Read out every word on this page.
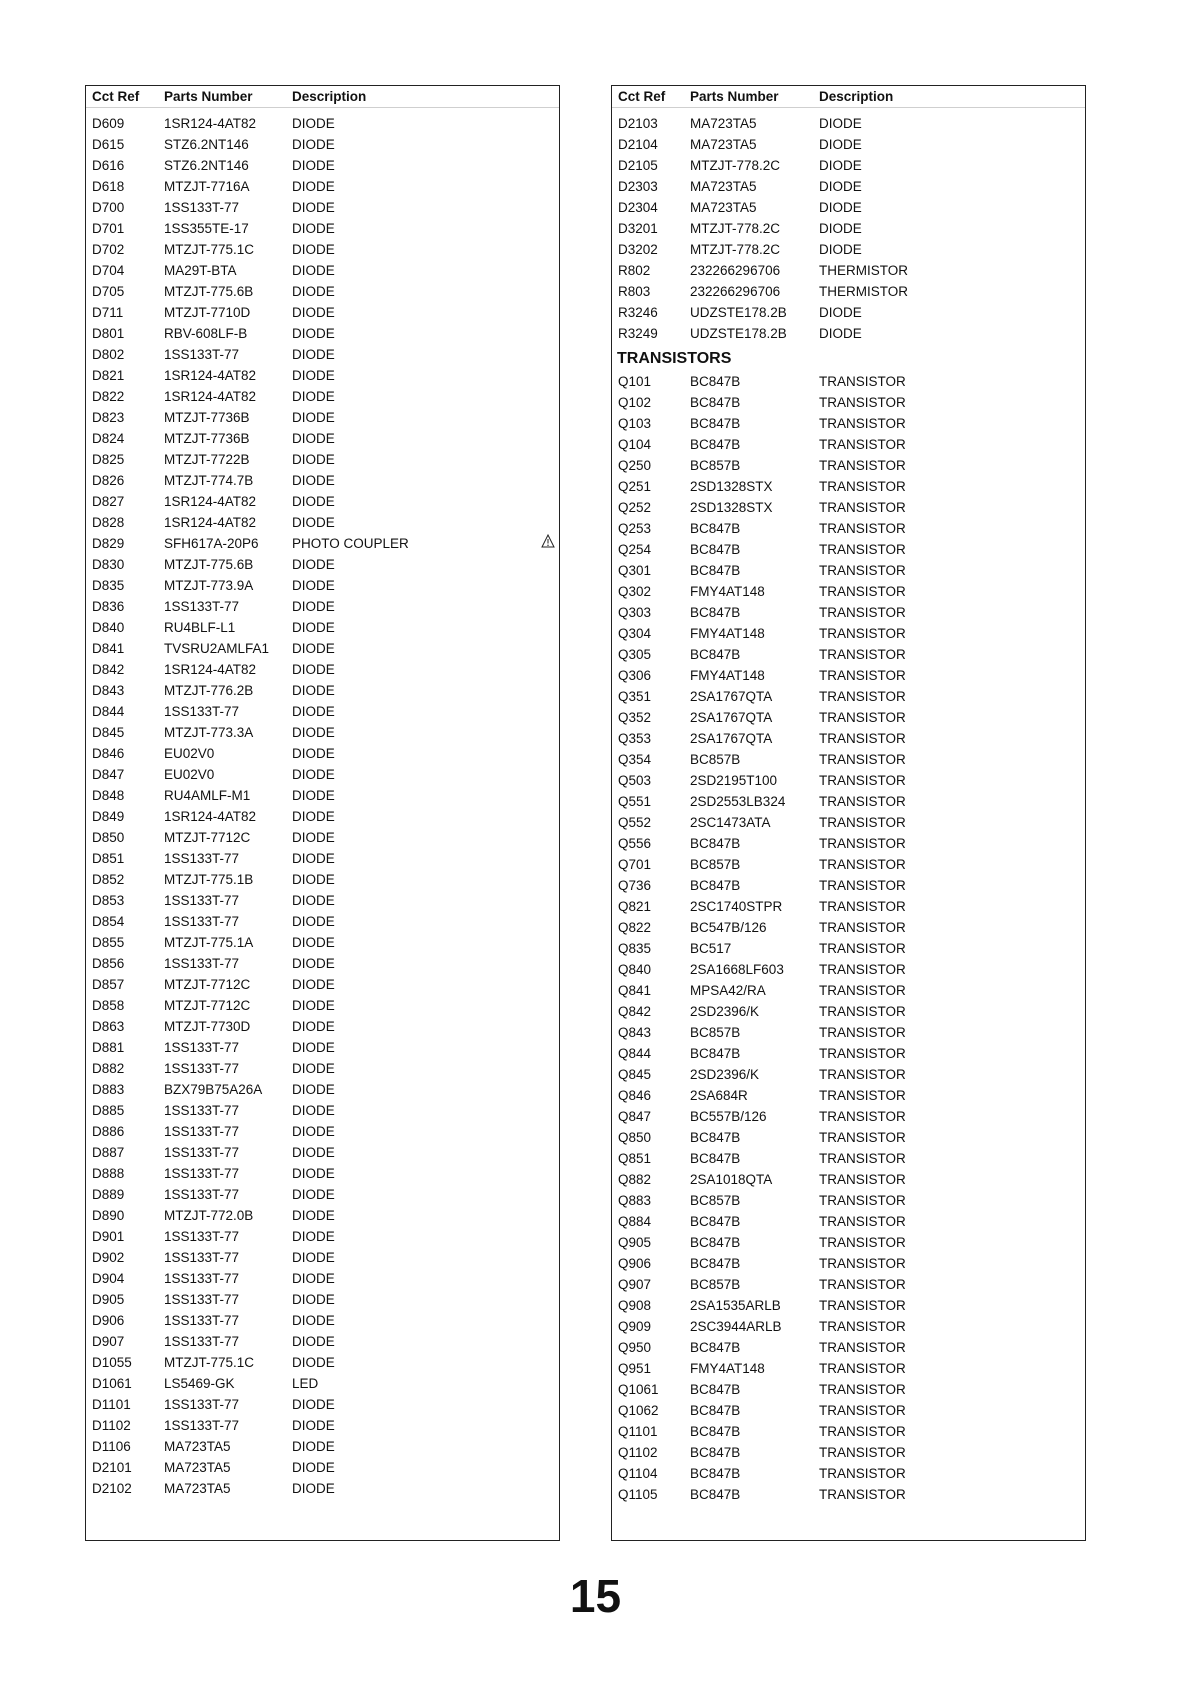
Cct Ref Parts Number	Description
D609	1SR124-4AT82	DIODE
D615	STZ6.2NT146	DIODE
D616	STZ6.2NT146	DIODE
D618	MTZJT-7716A	DIODE
D700	1SS133T-77	DIODE
D701	1SS355TE-17	DIODE
D702	MTZJT-775.1C	DIODE
D704	MA29T-BTA	DIODE
D705	MTZJT-775.6B	DIODE
D711	MTZJT-7710D	DIODE
D801	RBV-608LF-B	DIODE
D802	1SS133T-77	DIODE
D821	1SR124-4AT82	DIODE
D822	1SR124-4AT82	DIODE
D823	MTZJT-7736B	DIODE
D824	MTZJT-7736B	DIODE
D825	MTZJT-7722B	DIODE
D826	MTZJT-774.7B	DIODE
D827	1SR124-4AT82	DIODE
D828	1SR124-4AT82	DIODE
D829	SFH617A-20P6 PHOTO COUPLER
D830	MTZJT-775.6B	DIODE
D835	MTZJT-773.9A	DIODE
D836	1SS133T-77	DIODE
D840	RU4BLF-L1	DIODE
D841	TVSRU2AMLFA1 DIODE
D842	1SR124-4AT82	DIODE
D843	MTZJT-776.2B	DIODE
D844	1SS133T-77	DIODE
D845	MTZJT-773.3A	DIODE
D846	EU02V0	DIODE
D847	EU02V0	DIODE
D848	RU4AMLF-M1	DIODE
D849	1SR124-4AT82	DIODE
D850	MTZJT-7712C	DIODE
D851	1SS133T-77	DIODE
D852	MTZJT-775.1B	DIODE
D853	1SS133T-77	DIODE
D854	1SS133T-77	DIODE
D855	MTZJT-775.1A	DIODE
D856	1SS133T-77	DIODE
D857	MTZJT-7712C	DIODE
D858	MTZJT-7712C	DIODE
D863	MTZJT-7730D	DIODE
D881	1SS133T-77	DIODE
D882	1SS133T-77	DIODE
D883	BZX79B75A26A DIODE
D885	1SS133T-77	DIODE
D886	1SS133T-77	DIODE
D887	1SS133T-77	DIODE
D888	1SS133T-77	DIODE
D889	1SS133T-77	DIODE
D890	MTZJT-772.0B	DIODE
D901	1SS133T-77	DIODE
D902	1SS133T-77	DIODE
D904	1SS133T-77	DIODE
D905	1SS133T-77	DIODE
D906	1SS133T-77	DIODE
D907	1SS133T-77	DIODE
D1055 MTZJT-775.1C	DIODE
D1061 LS5469-GK	LED
D1101 1SS133T-77	DIODE
D1102 1SS133T-77	DIODE
D1106 MA723TA5	DIODE
D2101 MA723TA5	DIODE
D2102 MA723TA5	DIODE
Cct Ref Parts Number	Description
D2103 MA723TA5	DIODE
D2104 MA723TA5	DIODE
D2105 MTZJT-778.2C	DIODE
D2303 MA723TA5	DIODE
D2304 MA723TA5	DIODE
D3201 MTZJT-778.2C	DIODE
D3202 MTZJT-778.2C	DIODE
R802	232266296706	THERMISTOR
R803	232266296706	THERMISTOR
R3246 UDZSTE178.2B DIODE
R3249 UDZSTE178.2B DIODE
TRANSISTORS
Q101	BC847B	TRANSISTOR
Q102	BC847B	TRANSISTOR
Q103	BC847B	TRANSISTOR
Q104	BC847B	TRANSISTOR
Q250	BC857B	TRANSISTOR
Q251	2SD1328STX	TRANSISTOR
Q252	2SD1328STX	TRANSISTOR
Q253	BC847B	TRANSISTOR
Q254	BC847B	TRANSISTOR
Q301	BC847B	TRANSISTOR
Q302	FMY4AT148	TRANSISTOR
Q303	BC847B	TRANSISTOR
Q304	FMY4AT148	TRANSISTOR
Q305	BC847B	TRANSISTOR
Q306	FMY4AT148	TRANSISTOR
Q351	2SA1767QTA	TRANSISTOR
Q352	2SA1767QTA	TRANSISTOR
Q353	2SA1767QTA	TRANSISTOR
Q354	BC857B	TRANSISTOR
Q503	2SD2195T100	TRANSISTOR
Q551	2SD2553LB324 TRANSISTOR
Q552	2SC1473ATA	TRANSISTOR
Q556	BC847B	TRANSISTOR
Q701	BC857B	TRANSISTOR
Q736	BC847B	TRANSISTOR
Q821	2SC1740STPR	TRANSISTOR
Q822	BC547B/126	TRANSISTOR
Q835	BC517	TRANSISTOR
Q840	2SA1668LF603	TRANSISTOR
Q841	MPSA42/RA	TRANSISTOR
Q842	2SD2396/K	TRANSISTOR
Q843	BC857B	TRANSISTOR
Q844	BC847B	TRANSISTOR
Q845	2SD2396/K	TRANSISTOR
Q846	2SA684R	TRANSISTOR
Q847	BC557B/126	TRANSISTOR
Q850	BC847B	TRANSISTOR
Q851	BC847B	TRANSISTOR
Q882	2SA1018QTA	TRANSISTOR
Q883	BC857B	TRANSISTOR
Q884	BC847B	TRANSISTOR
Q905	BC847B	TRANSISTOR
Q906	BC847B	TRANSISTOR
Q907	BC857B	TRANSISTOR
Q908	2SA1535ARLB	TRANSISTOR
Q909	2SC3944ARLB	TRANSISTOR
Q950	BC847B	TRANSISTOR
Q951	FMY4AT148	TRANSISTOR
Q1061 BC847B	TRANSISTOR
Q1062 BC847B	TRANSISTOR
Q1101 BC847B	TRANSISTOR
Q1102 BC847B	TRANSISTOR
Q1104 BC847B	TRANSISTOR
Q1105 BC847B	TRANSISTOR
15
